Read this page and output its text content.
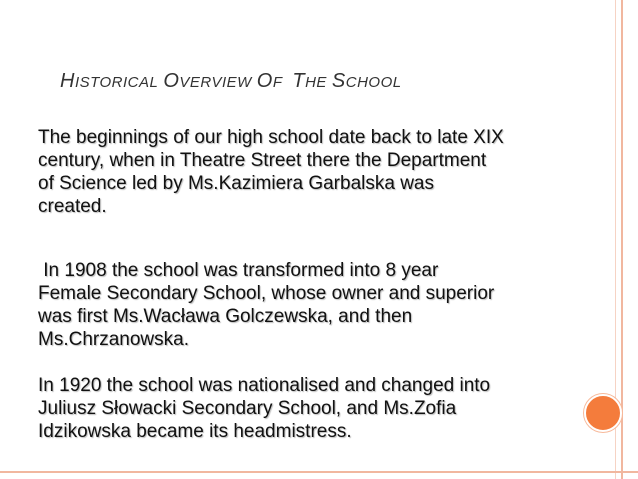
HISTORICAL OVERVIEW OF THE SCHOOL
The beginnings of our high school date back to late XIX
century, when in Theatre Street there the Department
of Science led by Ms.Kazimiera Garbalska was
created.
In 1908 the school was transformed into 8 year
Female Secondary School, whose owner and superior
was first Ms.Wacława Golczewska, and then
Ms.Chrzanowska.
In 1920 the school was nationalised and changed into
Juliusz Słowacki Secondary School, and Ms.Zofia
Idzikowska became its headmistress.
